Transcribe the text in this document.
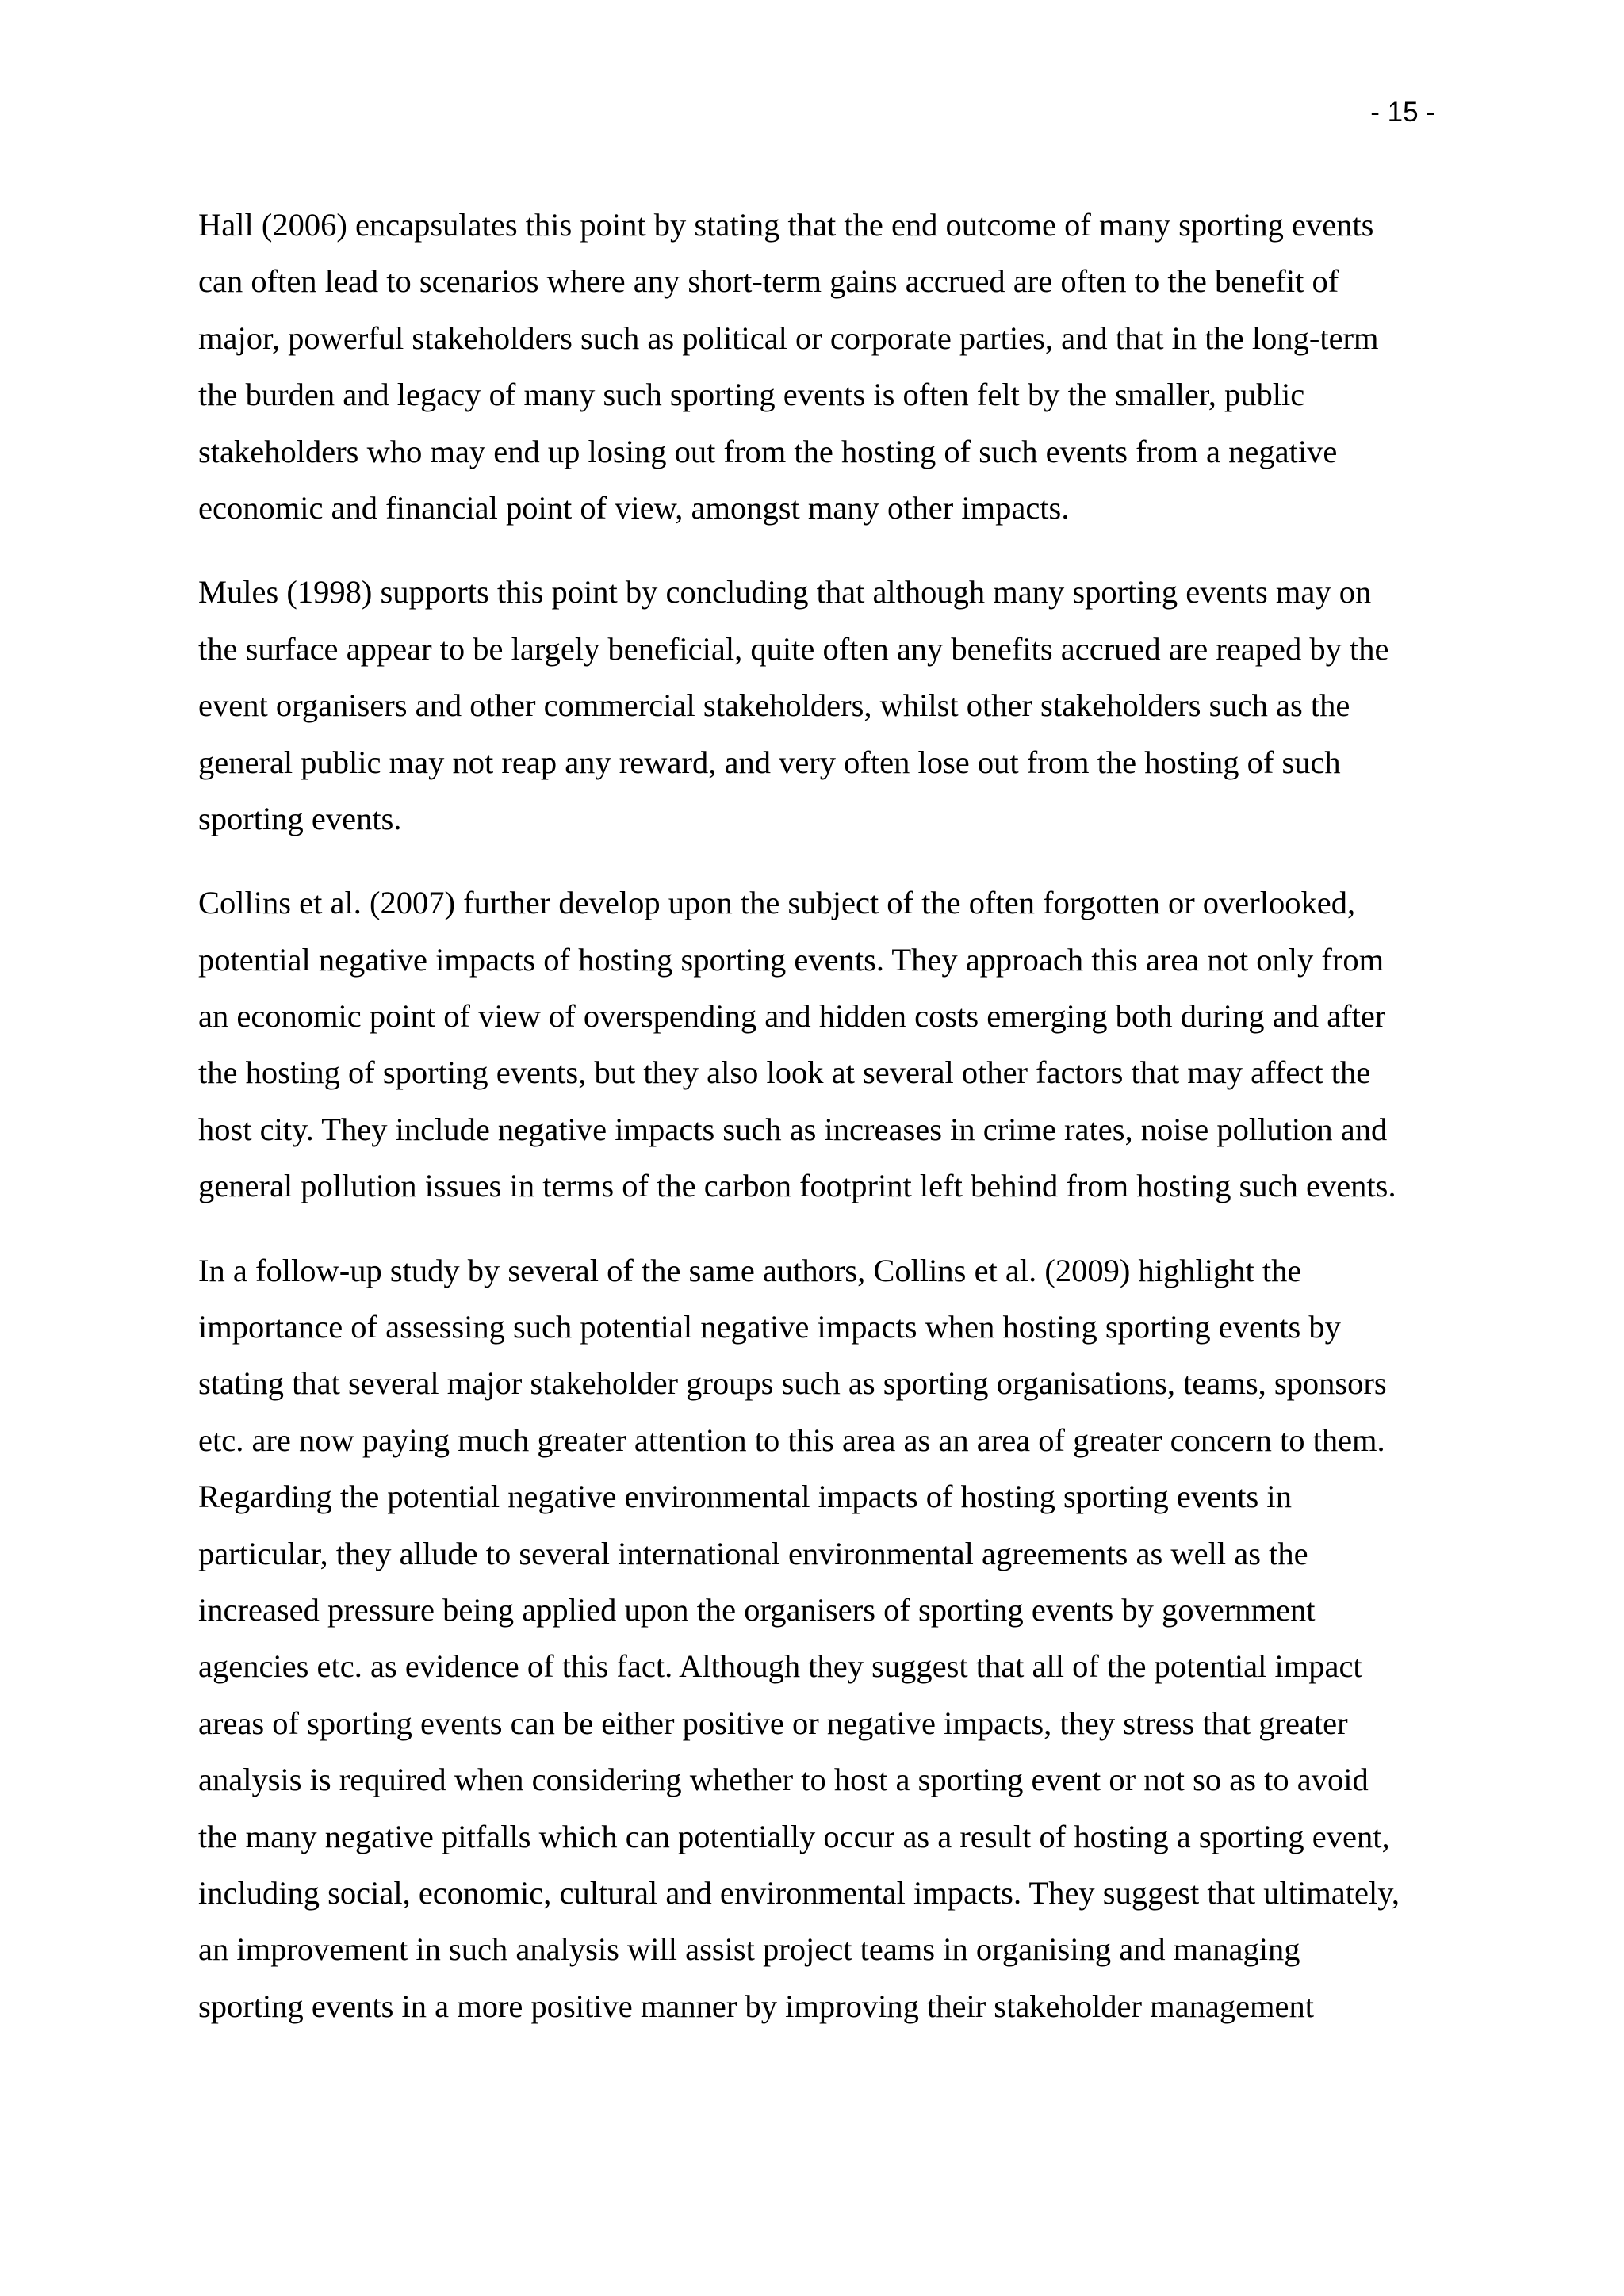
- 15 -
Hall (2006) encapsulates this point by stating that the end outcome of many sporting events
can often lead to scenarios where any short-term gains accrued are often to the benefit of
major, powerful stakeholders such as political or corporate parties, and that in the long-term
the burden and legacy of many such sporting events is often felt by the smaller, public
stakeholders who may end up losing out from the hosting of such events from a negative
economic and financial point of view, amongst many other impacts.
Mules (1998) supports this point by concluding that although many sporting events may on
the surface appear to be largely beneficial, quite often any benefits accrued are reaped by the
event organisers and other commercial stakeholders, whilst other stakeholders such as the
general public may not reap any reward, and very often lose out from the hosting of such
sporting events.
Collins et al. (2007) further develop upon the subject of the often forgotten or overlooked,
potential negative impacts of hosting sporting events. They approach this area not only from
an economic point of view of overspending and hidden costs emerging both during and after
the hosting of sporting events, but they also look at several other factors that may affect the
host city. They include negative impacts such as increases in crime rates, noise pollution and
general pollution issues in terms of the carbon footprint left behind from hosting such events.
In a follow-up study by several of the same authors, Collins et al. (2009) highlight the
importance of assessing such potential negative impacts when hosting sporting events by
stating that several major stakeholder groups such as sporting organisations, teams, sponsors
etc. are now paying much greater attention to this area as an area of greater concern to them.
Regarding the potential negative environmental impacts of hosting sporting events in
particular, they allude to several international environmental agreements as well as the
increased pressure being applied upon the organisers of sporting events by government
agencies etc. as evidence of this fact. Although they suggest that all of the potential impact
areas of sporting events can be either positive or negative impacts, they stress that greater
analysis is required when considering whether to host a sporting event or not so as to avoid
the many negative pitfalls which can potentially occur as a result of hosting a sporting event,
including social, economic, cultural and environmental impacts. They suggest that ultimately,
an improvement in such analysis will assist project teams in organising and managing
sporting events in a more positive manner by improving their stakeholder management
